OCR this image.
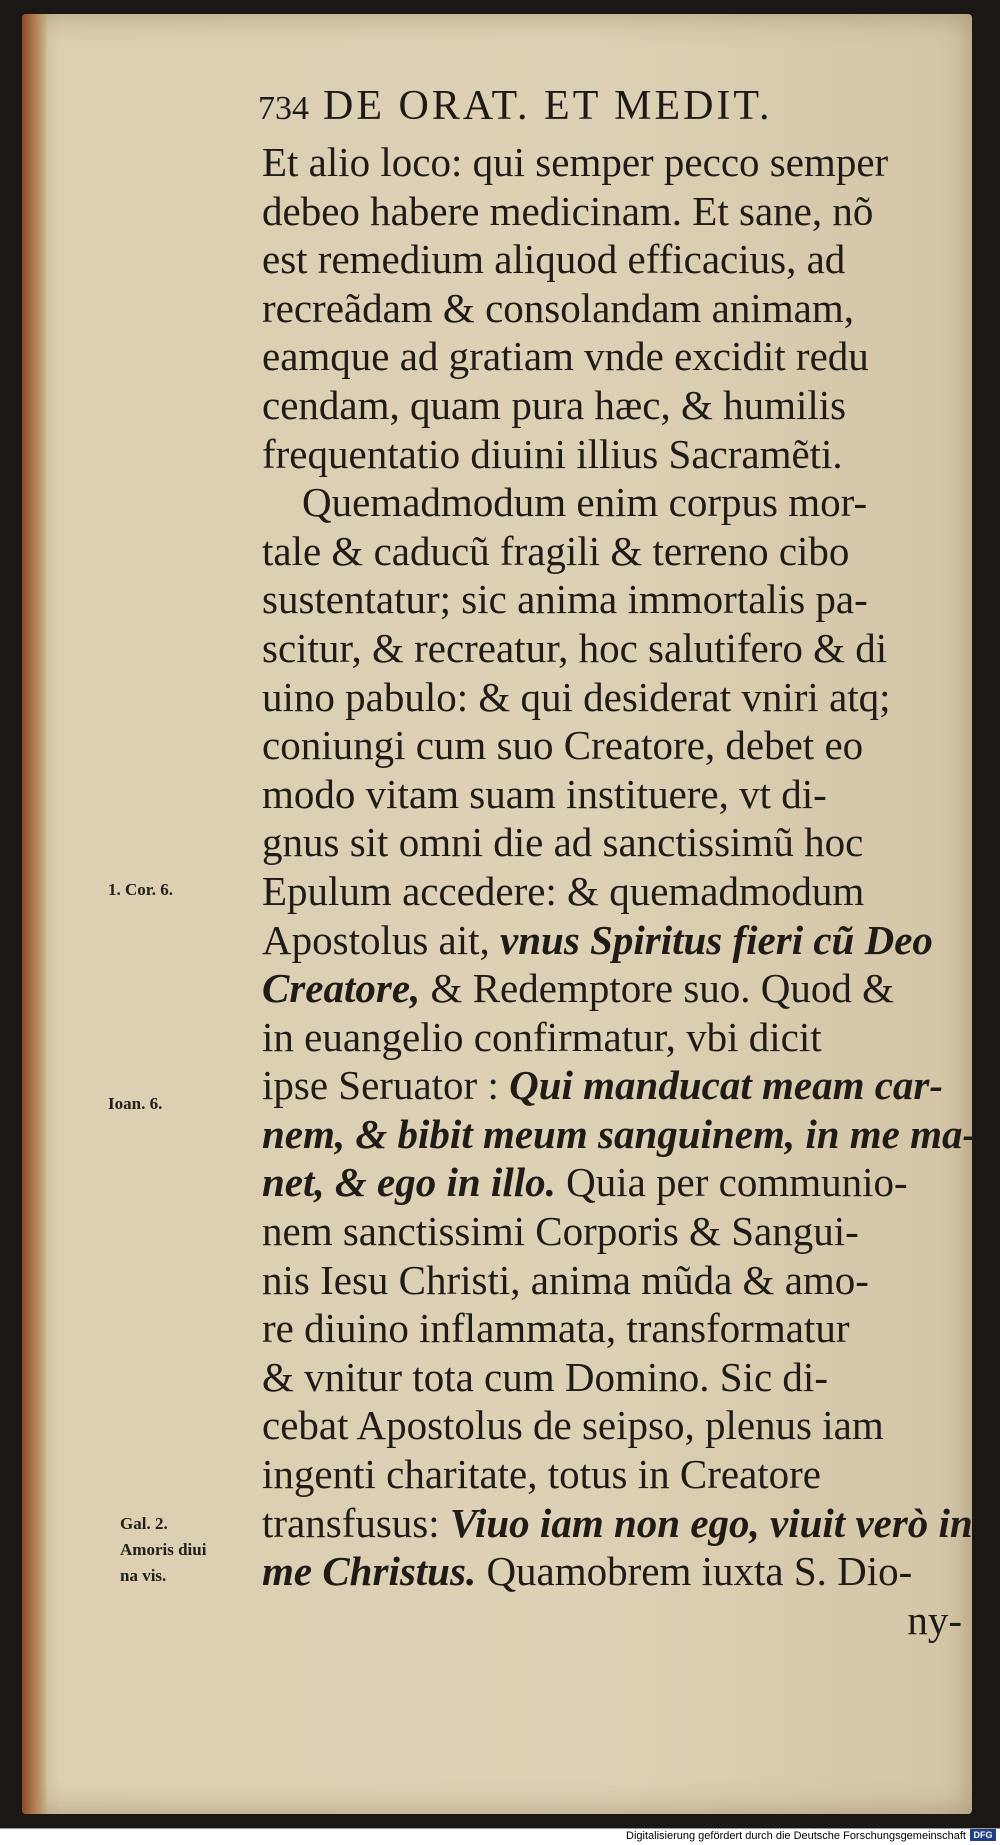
734 DE ORAT. ET MEDIT.
Et alio loco: qui semper pecco semper
debeo habere medicinam. Et sane, nõ
est remedium aliquod efficacius, ad
recreãdam & consolandam animam,
eamque ad gratiam vnde excidit redu
cendam, quam pura hæc, & humilis
frequentatio diuini illius Sacramẽti.
Quemadmodum enim corpus mor-
tale & caducũ fragili & terreno cibo
sustentatur; sic anima immortalis pa-
scitur, & recreatur, hoc salutifero & di
uino pabulo: & qui desiderat vniri atq;
coniungi cum suo Creatore, debet eo
modo vitam suam instituere, vt di-
gnus sit omni die ad sanctissimũ hoc
Epulum accedere: & quemadmodum
Apostolus ait, vnus Spiritus fieri cũ Deo
Creatore, & Redemptore suo. Quod &
in euangelio confirmatur, vbi dicit
ipse Seruator : Qui manducat meam car-
nem, & bibit meum sanguinem, in me ma-
net, & ego in illo. Quia per communio-
nem sanctissimi Corporis & Sangui-
nis Iesu Christi, anima mũda & amo-
re diuino inflammata, transformatur
& vnitur tota cum Domino. Sic di-
cebat Apostolus de seipso, plenus iam
ingenti charitate, totus in Creatore
transfusus: Viuo iam non ego, viuit verò in
me Christus. Quamobrem iuxta S. Dio-
ny-
1. Cor. 6.
Ioan. 6.
Gal. 2.
Amoris diui
na vis.
Digitalisierung gefördert durch die Deutsche Forschungsgemeinschaft DFG
